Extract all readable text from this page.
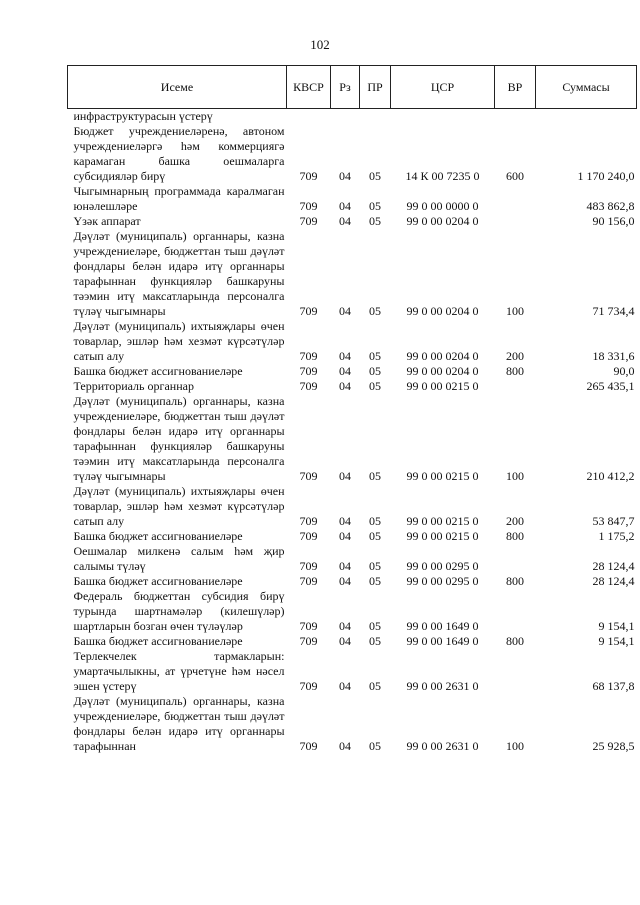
102
Исеме	КВСР	Рз	ПР	ЦСР	ВР	Суммасы
инфраструктурасын үстерү						
Бюджет учреждениеләренә, автоном учреждениеләргә һәм коммерциягә карамаган башка оешмаларга субсидияләр бирү	709	04	05	14 К 00 7235 0	600	1 170 240,0
Чыгымнарның программада каралмаган юнәлешләре	709	04	05	99 0 00 0000 0		483 862,8
Үзәк аппарат	709	04	05	99 0 00 0204 0		90 156,0
Дәүләт (муниципаль) органнары, казна учреждениеләре, бюджеттан тыш дәүләт фондлары белән идарә итү органнары тарафыннан функцияләр башкаруны тәэмин итү максатларында персоналга түләү чыгымнары	709	04	05	99 0 00 0204 0	100	71 734,4
Дәүләт (муниципаль) ихтыяҗлары өчен товарлар, эшләр һәм хезмәт күрсәтүләр сатып алу	709	04	05	99 0 00 0204 0	200	18 331,6
Башка бюджет ассигнованиеләре	709	04	05	99 0 00 0204 0	800	90,0
Территориаль органнар	709	04	05	99 0 00 0215 0		265 435,1
Дәүләт (муниципаль) органнары, казна учреждениеләре, бюджеттан тыш дәүләт фондлары белән идарә итү органнары тарафыннан функцияләр башкаруны тәэмин итү максатларында персоналга түләү чыгымнары	709	04	05	99 0 00 0215 0	100	210 412,2
Дәүләт (муниципаль) ихтыяҗлары өчен товарлар, эшләр һәм хезмәт күрсәтүләр сатып алу	709	04	05	99 0 00 0215 0	200	53 847,7
Башка бюджет ассигнованиеләре	709	04	05	99 0 00 0215 0	800	1 175,2
Оешмалар милкенә салым һәм җир салымы түләү	709	04	05	99 0 00 0295 0		28 124,4
Башка бюджет ассигнованиеләре	709	04	05	99 0 00 0295 0	800	28 124,4
Федераль бюджеттан субсидия бирү турында шартнамәләр (килешүләр) шартларын бозган өчен түләүләр	709	04	05	99 0 00 1649 0		9 154,1
Башка бюджет ассигнованиеләре	709	04	05	99 0 00 1649 0	800	9 154,1
Терлекчелек тармакларын: умартачылыкны, ат үрчетүне һәм нәсел эшен үстерү	709	04	05	99 0 00 2631 0		68 137,8
Дәүләт (муниципаль) органнары, казна учреждениеләре, бюджеттан тыш дәүләт фондлары белән идарә итү органнары тарафыннан	709	04	05	99 0 00 2631 0	100	25 928,5
